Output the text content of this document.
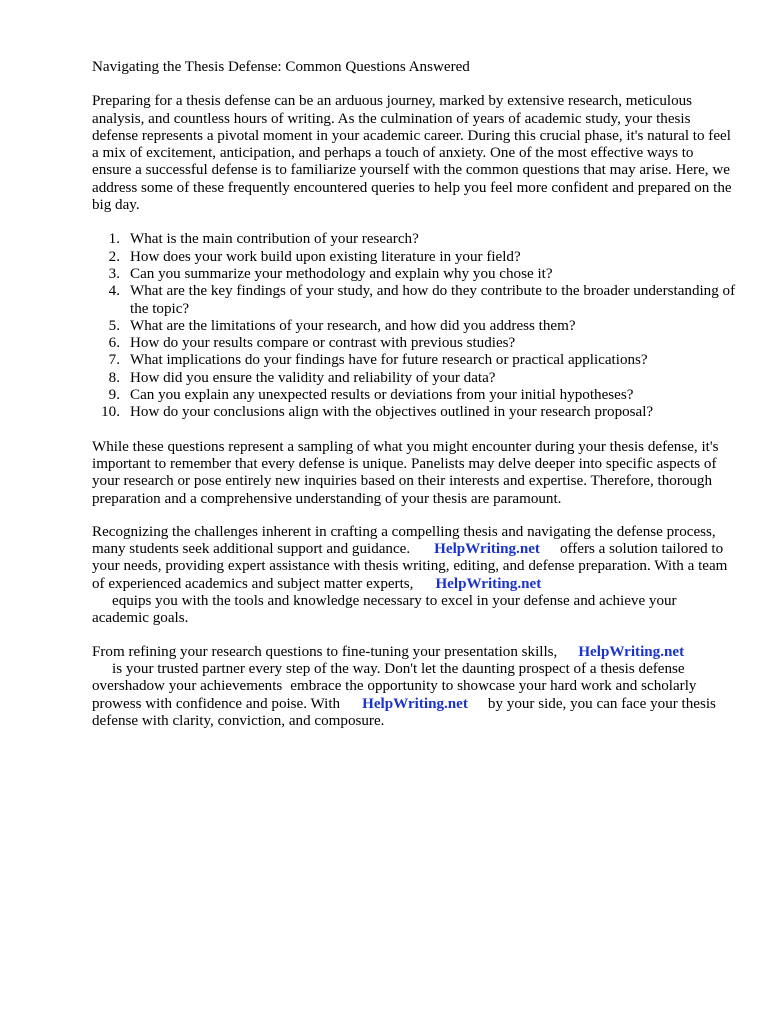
Navigating the Thesis Defense: Common Questions Answered

Preparing for a thesis defense can be an arduous journey, marked by extensive research, meticulous analysis, and countless hours of writing. As the culmination of years of academic study, your thesis defense represents a pivotal moment in your academic career. During this crucial phase, it's natural to feel a mix of excitement, anticipation, and perhaps a touch of anxiety. One of the most effective ways to ensure a successful defense is to familiarize yourself with the common questions that may arise. Here, we address some of these frequently encountered queries to help you feel more confident and prepared on the big day.

1. What is the main contribution of your research?
2. How does your work build upon existing literature in your field?
3. Can you summarize your methodology and explain why you chose it?
4. What are the key findings of your study, and how do they contribute to the broader understanding of the topic?
5. What are the limitations of your research, and how did you address them?
6. How do your results compare or contrast with previous studies?
7. What implications do your findings have for future research or practical applications?
8. How did you ensure the validity and reliability of your data?
9. Can you explain any unexpected results or deviations from your initial hypotheses?
10. How do your conclusions align with the objectives outlined in your research proposal?

While these questions represent a sampling of what you might encounter during your thesis defense, it's important to remember that every defense is unique. Panelists may delve deeper into specific aspects of your research or pose entirely new inquiries based on their interests and expertise. Therefore, thorough preparation and a comprehensive understanding of your thesis are paramount.

Recognizing the challenges inherent in crafting a compelling thesis and navigating the defense process, many students seek additional support and guidance. HelpWriting.net offers a solution tailored to your needs, providing expert assistance with thesis writing, editing, and defense preparation. With a team of experienced academics and subject matter experts, HelpWriting.net
equips you with the tools and knowledge necessary to excel in your defense and achieve your academic goals.

From refining your research questions to fine-tuning your presentation skills, HelpWriting.net
is your trusted partner every step of the way. Don't let the daunting prospect of a thesis defense overshadow your achievements embrace the opportunity to showcase your hard work and scholarly prowess with confidence and poise. With HelpWriting.net by your side, you can face your thesis defense with clarity, conviction, and composure.
